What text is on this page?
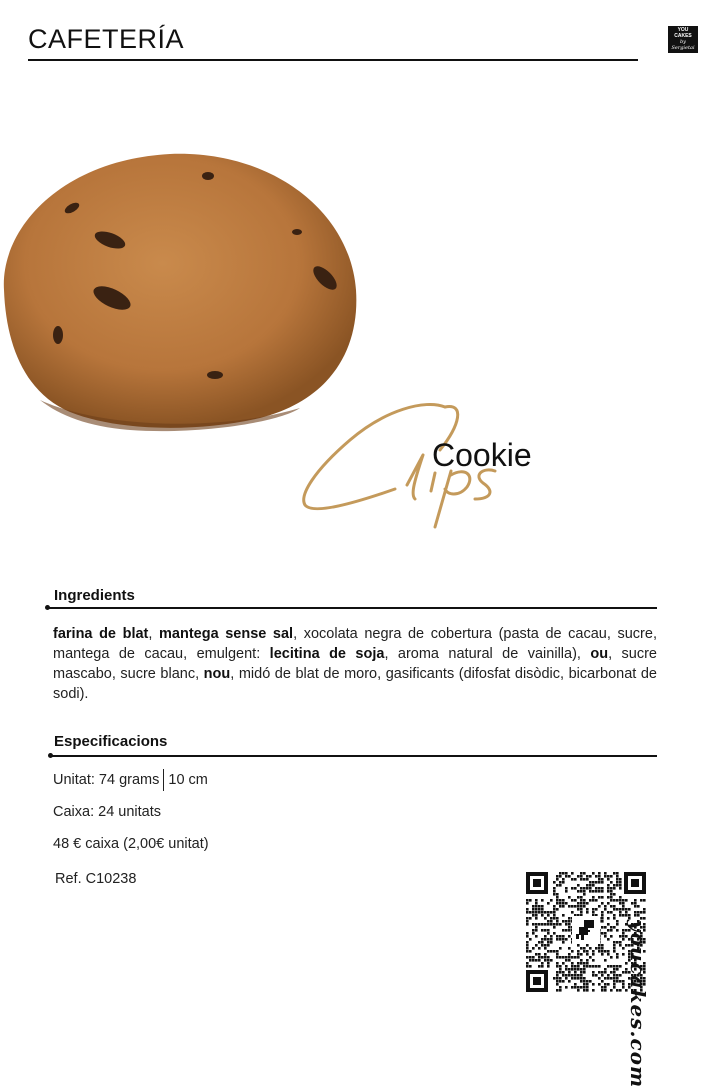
CAFETERÍA	YOU
CAKES
by Sergietai
Cookie
Ingredients
farina de blat, mantega sense sal, xocolata negra de cobertura (pasta de cacau, sucre, mantega de cacau, emulgent: lecitina de soja, aroma natural de vainilla), ou, sucre mascabo, sucre blanc, nou, midó de blat de moro, gasificants (difosfat disòdic, bicarbonat de sodi).
Especificacions
Unitat: 74 grams 10 cm
Caixa: 24 unitats
48 € caixa (2,00€ unitat)
Ref. C10238
youcakes.com
